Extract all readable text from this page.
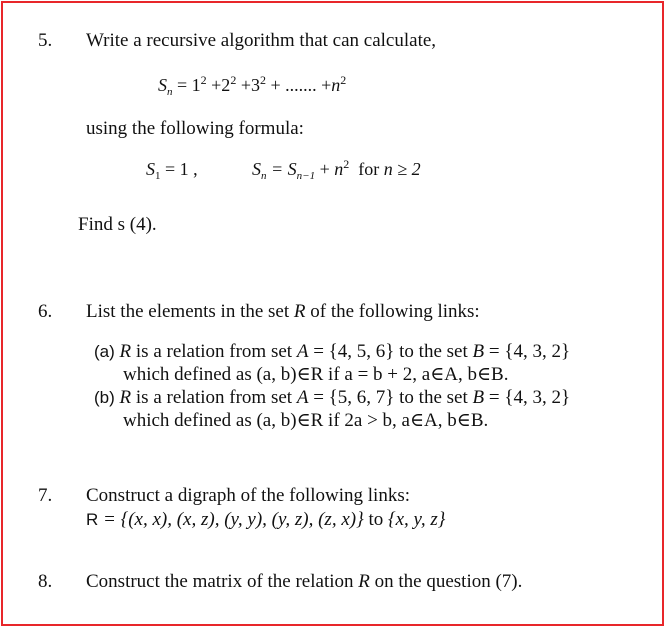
5. Write a recursive algorithm that can calculate,
$S_n = 1^2 +2^2 +3^2$ + ....... $+n^2$
using the following formula:
$S_1 = 1$ ,	$S_n = S_{n-1} + n^2$ for n ≥ 2
Find s (4).
6. List the elements in the set R of the following links:
(a) R is a relation from set A = {4, 5, 6} to the set B = {4, 3, 2}
which defined as (a, b)∈R if a = b + 2, a∈A, b∈B.
(b) R is a relation from set A = {5, 6, 7} to the set B = {4, 3, 2}
which defined as (a, b)∈R if 2a > b, a∈A, b∈B.
7. Construct a digraph of the following links:
R = {(x, x), (x, z), (y, y), (y, z), (z, x)} to {x, y, z}
8. Construct the matrix of the relation R on the question (7).
